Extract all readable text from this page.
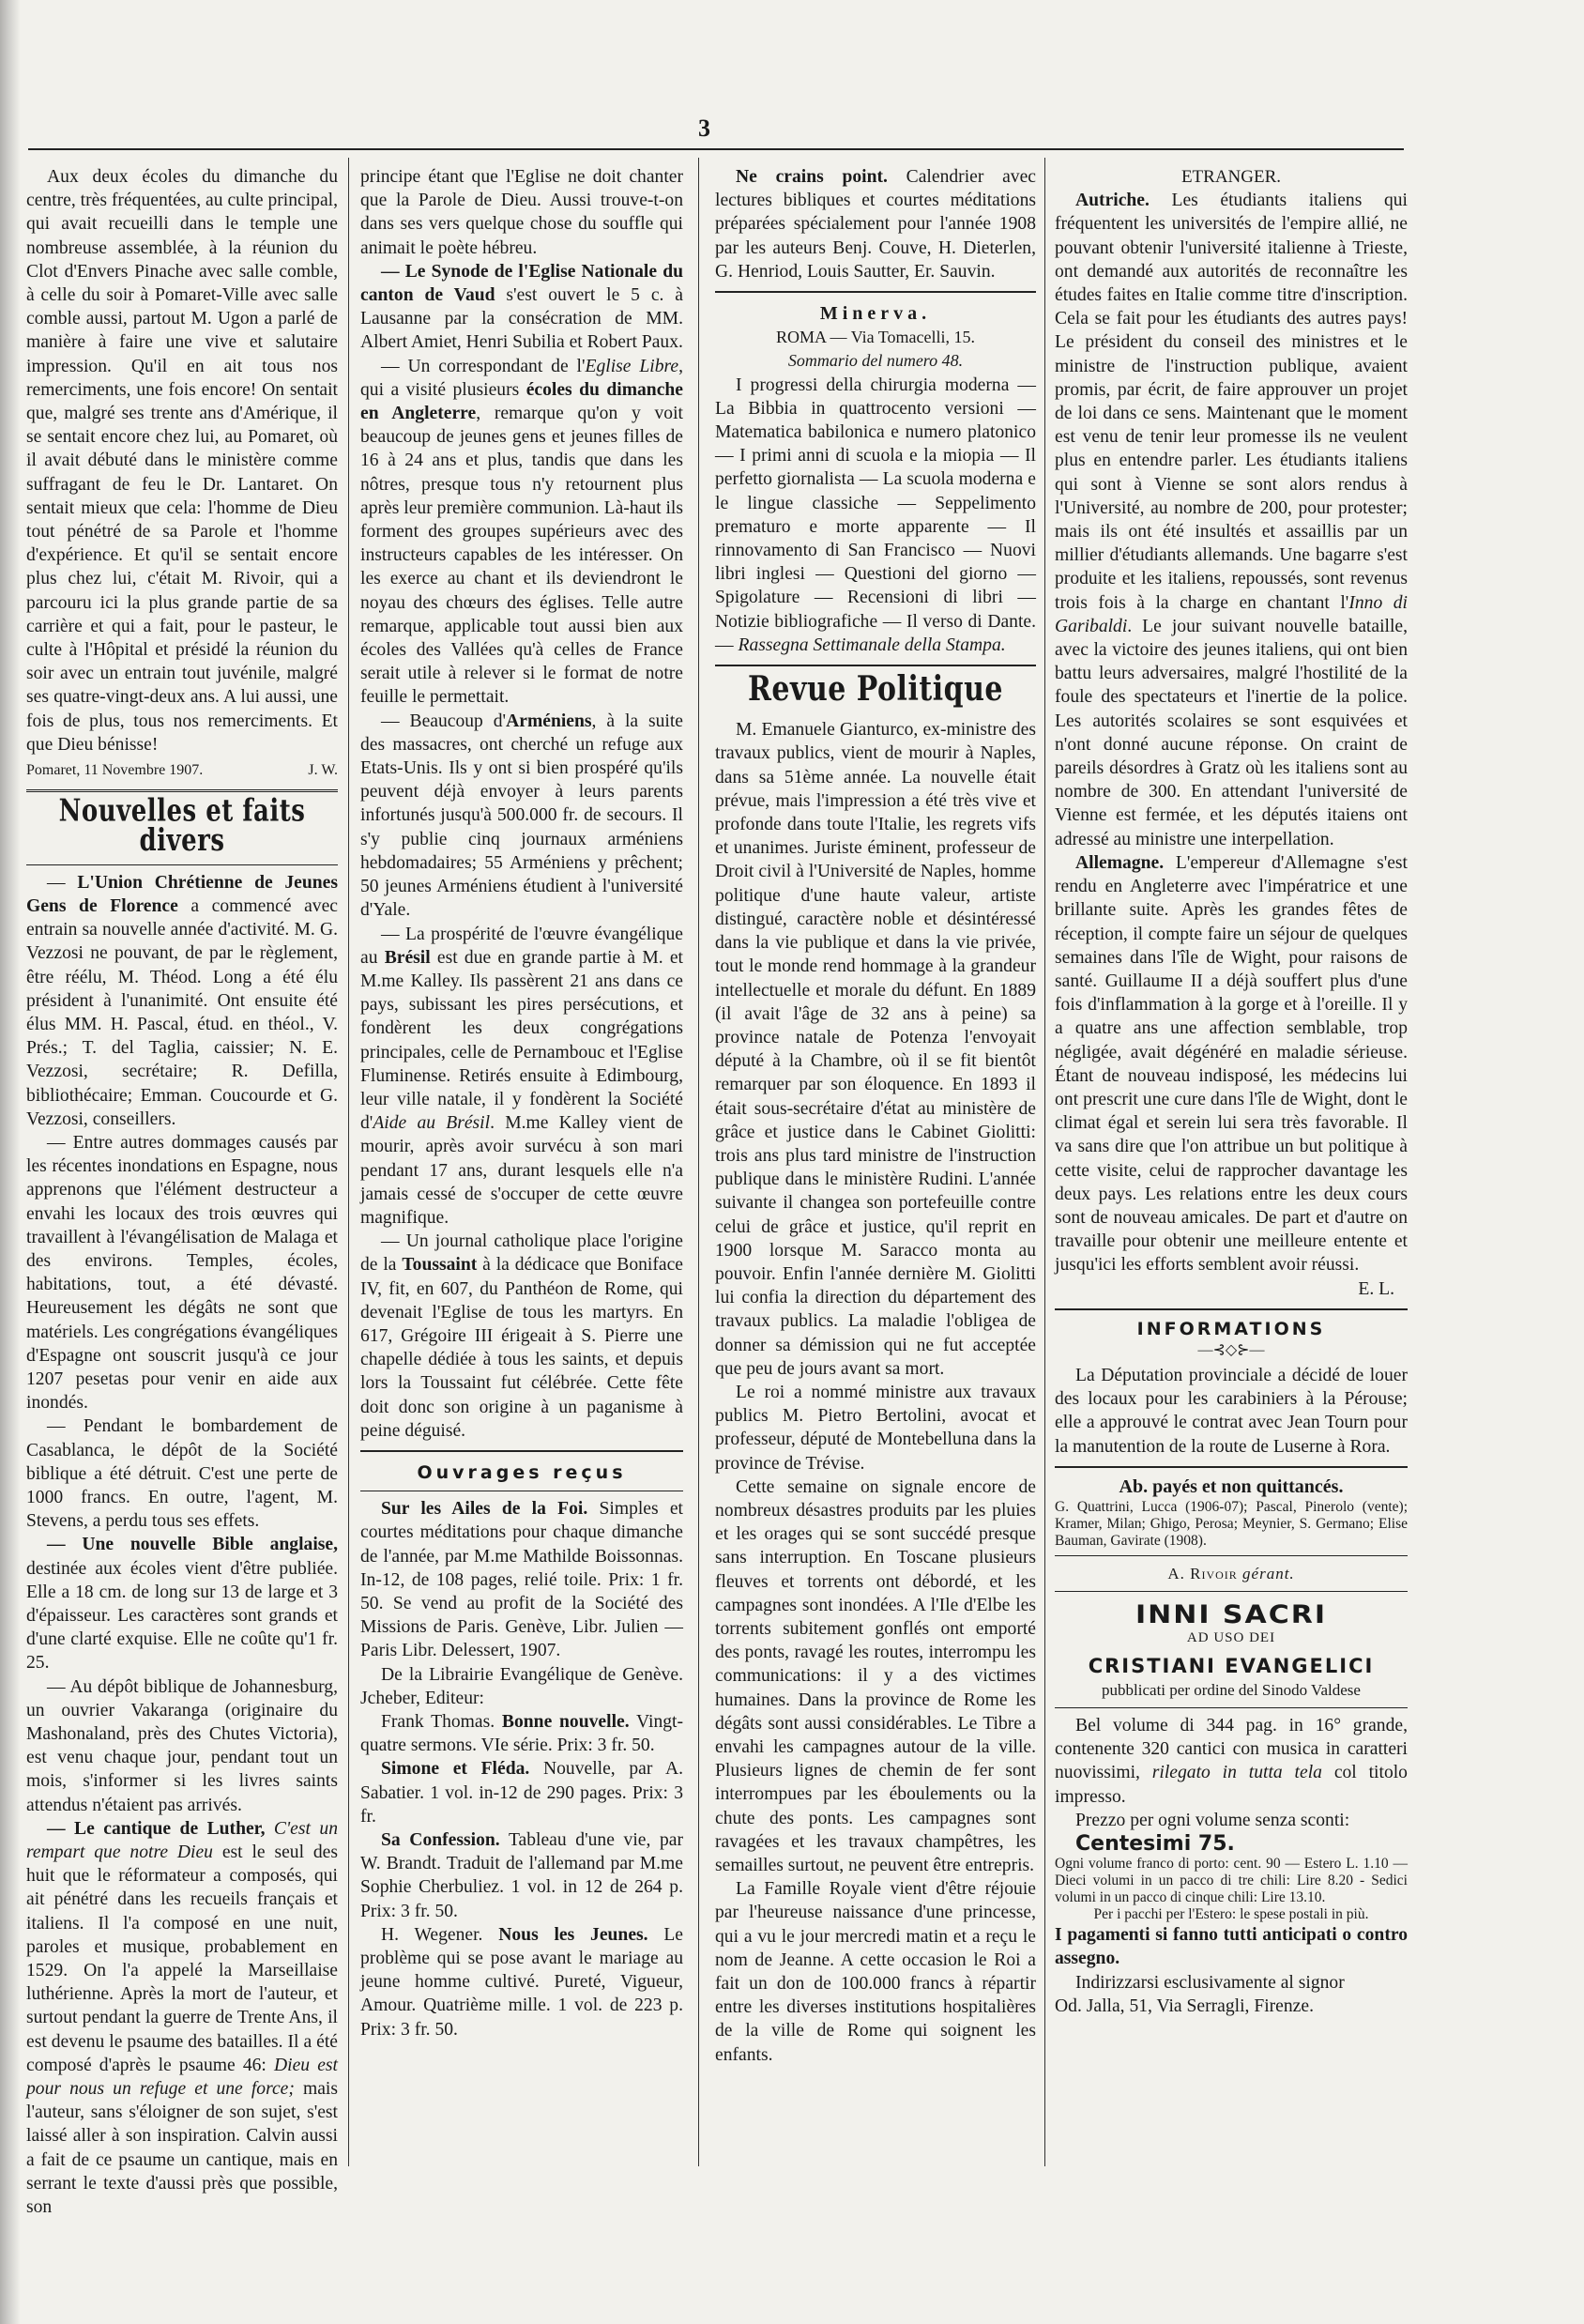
3

Aux deux écoles du dimanche du centre, très fréquentées, au culte principal, qui avait recueilli dans le temple une nombreuse assemblée, à la réunion du Clot d'Envers Pinache avec salle comble, à celle du soir à Pomaret-Ville avec salle comble aussi, partout M. Ugon a parlé de manière à faire une vive et salutaire impression. Qu'il en ait tous nos remerciments, une fois encore! On sentait que, malgré ses trente ans d'Amérique, il se sentait encore chez lui, au Pomaret, où il avait débuté dans le ministère comme suffragant de feu le Dr. Lantaret. On sentait mieux que cela: l'homme de Dieu tout pénétré de sa Parole et l'homme d'expérience. Et qu'il se sentait encore plus chez lui, c'était M. Rivoir, qui a parcouru ici la plus grande partie de sa carrière et qui a fait, pour le pasteur, le culte à l'Hôpital et présidé la réunion du soir avec un entrain tout juvénile, malgré ses quatre-vingt-deux ans. A lui aussi, une fois de plus, tous nos remerciments. Et que Dieu bénisse!

Pomaret, 11 Novembre 1907.	J. W.
Nouvelles et faits divers

— L'Union Chrétienne de Jeunes Gens de Florence a commencé avec entrain sa nouvelle année d'activité. M. G. Vezzosi ne pouvant, de par le règlement, être réélu, M. Théod. Long a été élu président à l'unanimité. Ont ensuite été élus MM. H. Pascal, étud. en théol., V. Prés.; T. del Taglia, caissier; N. E. Vezzosi, secrétaire; R. Defilla, bibliothécaire; Emman. Coucourde et G. Vezzosi, conseillers.

— Entre autres dommages causés par les récentes inondations en Espagne, nous apprenons que l'élément destructeur a envahi les locaux des trois œuvres qui travaillent à l'évangélisation de Malaga et des environs. Temples, écoles, habitations, tout, a été dévasté. Heureusement les dégâts ne sont que matériels. Les congrégations évangéliques d'Espagne ont souscrit jusqu'à ce jour 1207 pesetas pour venir en aide aux inondés.

— Pendant le bombardement de Casablanca, le dépôt de la Société biblique a été détruit. C'est une perte de 1000 francs. En outre, l'agent, M. Stevens, a perdu tous ses effets.

— Une nouvelle Bible anglaise, destinée aux écoles vient d'être publiée. Elle a 18 cm. de long sur 13 de large et 3 d'épaisseur. Les caractères sont grands et d'une clarté exquise. Elle ne coûte qu'1 fr. 25.

— Au dépôt biblique de Johannesburg, un ouvrier Vakaranga (originaire du Mashonaland, près des Chutes Victoria), est venu chaque jour, pendant tout un mois, s'informer si les livres saints attendus n'étaient pas arrivés.

— Le cantique de Luther, C'est un rempart que notre Dieu est le seul des huit que le réformateur a composés, qui ait pénétré dans les recueils français et italiens. Il l'a composé en une nuit, paroles et musique, probablement en 1529. On l'a appelé la Marseillaise luthérienne. Après la mort de l'auteur, et surtout pendant la guerre de Trente Ans, il est devenu le psaume des batailles. Il a été composé d'après le psaume 46: Dieu est pour nous un refuge et une force; mais l'auteur, sans s'éloigner de son sujet, s'est laissé aller à son inspiration. Calvin aussi a fait de ce psaume un cantique, mais en serrant le texte d'aussi près que possible, son

principe étant que l'Eglise ne doit chanter que la Parole de Dieu. Aussi trouve-t-on dans ses vers quelque chose du souffle qui animait le poète hébreu.

— Le Synode de l'Eglise Nationale du canton de Vaud s'est ouvert le 5 c. à Lausanne par la consécration de MM. Albert Amiet, Henri Subilia et Robert Paux.

— Un correspondant de l'Eglise Libre, qui a visité plusieurs écoles du dimanche en Angleterre, remarque qu'on y voit beaucoup de jeunes gens et jeunes filles de 16 à 24 ans et plus, tandis que dans les nôtres, presque tous n'y retournent plus après leur première communion. Là-haut ils forment des groupes supérieurs avec des instructeurs capables de les intéresser. On les exerce au chant et ils deviendront le noyau des chœurs des églises. Telle autre remarque, applicable tout aussi bien aux écoles des Vallées qu'à celles de France serait utile à relever si le format de notre feuille le permettait.

— Beaucoup d'Arméniens, à la suite des massacres, ont cherché un refuge aux Etats-Unis. Ils y ont si bien prospéré qu'ils peuvent déjà envoyer à leurs parents infortunés jusqu'à 500.000 fr. de secours. Il s'y publie cinq journaux arméniens hebdomadaires; 55 Arméniens y prêchent; 50 jeunes Arméniens étudient à l'université d'Yale.

— La prospérité de l'œuvre évangélique au Brésil est due en grande partie à M. et M.me Kalley. Ils passèrent 21 ans dans ce pays, subissant les pires persécutions, et fondèrent les deux congrégations principales, celle de Pernambouc et l'Eglise Fluminense. Retirés ensuite à Edimbourg, leur ville natale, il y fondèrent la Société d'Aide au Brésil. M.me Kalley vient de mourir, après avoir survécu à son mari pendant 17 ans, durant lesquels elle n'a jamais cessé de s'occuper de cette œuvre magnifique.

— Un journal catholique place l'origine de la Toussaint à la dédicace que Boniface IV, fit, en 607, du Panthéon de Rome, qui devenait l'Eglise de tous les martyrs. En 617, Grégoire III érigeait à S. Pierre une chapelle dédiée à tous les saints, et depuis lors la Toussaint fut célébrée. Cette fête doit donc son origine à un paganisme à peine déguisé.

Ouvrages reçus

Sur les Ailes de la Foi. Simples et courtes méditations pour chaque dimanche de l'année, par M.me Mathilde Boissonnas. In-12, de 108 pages, relié toile. Prix: 1 fr. 50. Se vend au profit de la Société des Missions de Paris. Genève, Libr. Julien — Paris Libr. Delessert, 1907.

De la Librairie Evangélique de Genève. Jcheber, Editeur:

Frank Thomas. Bonne nouvelle. Vingt-quatre sermons. VIe série. Prix: 3 fr. 50.

Simone et Fléda. Nouvelle, par A. Sabatier. 1 vol. in-12 de 290 pages. Prix: 3 fr.

Sa Confession. Tableau d'une vie, par W. Brandt. Traduit de l'allemand par M.me Sophie Cherbuliez. 1 vol. in 12 de 264 p. Prix: 3 fr. 50.

H. Wegener. Nous les Jeunes. Le problème qui se pose avant le mariage au jeune homme cultivé. Pureté, Vigueur, Amour. Quatrième mille. 1 vol. de 223 p. Prix: 3 fr. 50.

Ne crains point. Calendrier avec lectures bibliques et courtes méditations préparées spécialement pour l'année 1908 par les auteurs Benj. Couve, H. Dieterlen, G. Henriod, Louis Sautter, Er. Sauvin.

Minerva.
ROMA — Via Tomacelli, 15.
Sommario del numero 48.

I progressi della chirurgia moderna — La Bibbia in quattrocento versioni — Matematica babilonica e numero platonico — I primi anni di scuola e la miopia — Il perfetto giornalista — La scuola moderna e le lingue classiche — Seppelimento prematuro e morte apparente — Il rinnovamento di San Francisco — Nuovi libri inglesi — Questioni del giorno — Spigolature — Recensioni di libri — Notizie bibliografiche — Il verso di Dante. — Rassegna Settimanale della Stampa.

Revue Politique

M. Emanuele Gianturco, ex-ministre des travaux publics, vient de mourir à Naples, dans sa 51ème année. La nouvelle était prévue, mais l'impression a été très vive et profonde dans toute l'Italie, les regrets vifs et unanimes. Juriste éminent, professeur de Droit civil à l'Université de Naples, homme politique d'une haute valeur, artiste distingué, caractère noble et désintéressé dans la vie publique et dans la vie privée, tout le monde rend hommage à la grandeur intellectuelle et morale du défunt. En 1889 (il avait l'âge de 32 ans à peine) sa province natale de Potenza l'envoyait député à la Chambre, où il se fit bientôt remarquer par son éloquence. En 1893 il était sous-secrétaire d'état au ministère de grâce et justice dans le Cabinet Giolitti: trois ans plus tard ministre de l'instruction publique dans le ministère Rudini. L'année suivante il changea son portefeuille contre celui de grâce et justice, qu'il reprit en 1900 lorsque M. Saracco monta au pouvoir. Enfin l'année dernière M. Giolitti lui confia la direction du département des travaux publics. La maladie l'obligea de donner sa démission qui ne fut acceptée que peu de jours avant sa mort.

Le roi a nommé ministre aux travaux publics M. Pietro Bertolini, avocat et professeur, député de Montebelluna dans la province de Trévise.

Cette semaine on signale encore de nombreux désastres produits par les pluies et les orages qui se sont succédé presque sans interruption. En Toscane plusieurs fleuves et torrents ont débordé, et les campagnes sont inondées. A l'Ile d'Elbe les torrents subitement gonflés ont emporté des ponts, ravagé les routes, interrompu les communications: il y a des victimes humaines. Dans la province de Rome les dégâts sont aussi considérables. Le Tibre a envahi les campagnes autour de la ville. Plusieurs lignes de chemin de fer sont interrompues par les éboulements ou la chute des ponts. Les campagnes sont ravagées et les travaux champêtres, les semailles surtout, ne peuvent être entrepris.

La Famille Royale vient d'être réjouie par l'heureuse naissance d'une princesse, qui a vu le jour mercredi matin et a reçu le nom de Jeanne. A cette occasion le Roi a fait un don de 100.000 francs à répartir entre les diverses institutions hospitalières de la ville de Rome qui soignent les enfants.

ETRANGER.

Autriche. Les étudiants italiens qui fréquentent les universités de l'empire allié, ne pouvant obtenir l'université italienne à Trieste, ont demandé aux autorités de reconnaître les études faites en Italie comme titre d'inscription. Cela se fait pour les étudiants des autres pays! Le président du conseil des ministres et le ministre de l'instruction publique, avaient promis, par écrit, de faire approuver un projet de loi dans ce sens. Maintenant que le moment est venu de tenir leur promesse ils ne veulent plus en entendre parler. Les étudiants italiens qui sont à Vienne se sont alors rendus à l'Université, au nombre de 200, pour protester; mais ils ont été insultés et assaillis par un millier d'étudiants allemands. Une bagarre s'est produite et les italiens, repoussés, sont revenus trois fois à la charge en chantant l'Inno di Garibaldi. Le jour suivant nouvelle bataille, avec la victoire des jeunes italiens, qui ont bien battu leurs adversaires, malgré l'hostilité de la foule des spectateurs et l'inertie de la police. Les autorités scolaires se sont esquivées et n'ont donné aucune réponse. On craint de pareils désordres à Gratz où les italiens sont au nombre de 300. En attendant l'université de Vienne est fermée, et les députés itaiens ont adressé au ministre une interpellation.

Allemagne. L'empereur d'Allemagne s'est rendu en Angleterre avec l'impératrice et une brillante suite. Après les grandes fêtes de réception, il compte faire un séjour de quelques semaines dans l'île de Wight, pour raisons de santé. Guillaume II a déjà souffert plus d'une fois d'inflammation à la gorge et à l'oreille. Il y a quatre ans une affection semblable, trop négligée, avait dégénéré en maladie sérieuse. Étant de nouveau indisposé, les médecins lui ont prescrit une cure dans l'île de Wight, dont le climat égal et serein lui sera très favorable. Il va sans dire que l'on attribue un but politique à cette visite, celui de rapprocher davantage les deux pays. Les relations entre les deux cours sont de nouveau amicales. De part et d'autre on travaille pour obtenir une meilleure entente et jusqu'ici les efforts semblent avoir réussi.

E. L.
INFORMATIONS
—⊰◇⊱—

La Députation provinciale a décidé de louer des locaux pour les carabiniers à la Pérouse; elle a approuvé le contrat avec Jean Tourn pour la manutention de la route de Luserne à Rora.

Ab. payés et non quittancés.
G. Quattrini, Lucca (1906-07); Pascal, Pinerolo (vente); Kramer, Milan; Ghigo, Perosa; Meynier, S. Germano; Elise Bauman, Gavirate (1908).
A. Rivoir gérant.
INNI SACRI
AD USO DEI
CRISTIANI EVANGELICI
pubblicati per ordine del Sinodo Valdese

Bel volume di 344 pag. in 16° grande, contenente 320 cantici con musica in caratteri nuovissimi, rilegato in tutta tela col titolo impresso.

Prezzo per ogni volume senza sconti:

Centesimi 75.

Ogni volume franco di porto: cent. 90 — Estero L. 1.10 — Dieci volumi in un pacco di tre chili: Lire 8.20 - Sedici volumi in un pacco di cinque chili: Lire 13.10.
Per i pacchi per l'Estero: le spese postali in più.

I pagamenti si fanno tutti anticipati o contro assegno.

Indirizzarsi esclusivamente al signor

Od. Jalla, 51, Via Serragli, Firenze.
